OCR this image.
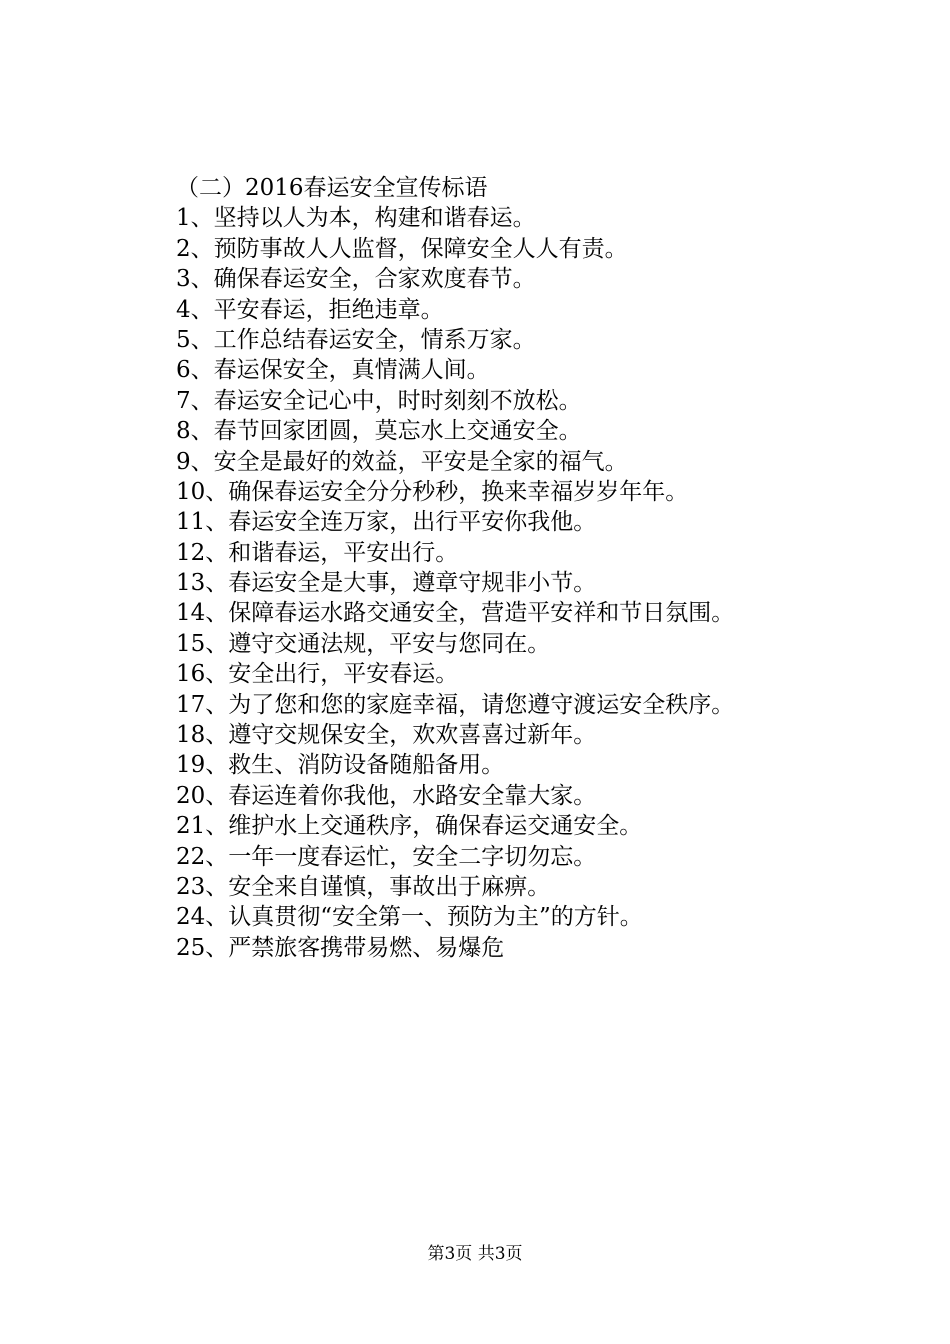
（二）2016春运安全宣传标语
1、坚持以人为本，构建和谐春运。
2、预防事故人人监督，保障安全人人有责。
3、确保春运安全，合家欢度春节。
4、平安春运，拒绝违章。
5、工作总结春运安全，情系万家。
6、春运保安全，真情满人间。
7、春运安全记心中，时时刻刻不放松。
8、春节回家团圆，莫忘水上交通安全。
9、安全是最好的效益，平安是全家的福气。
10、确保春运安全分分秒秒，换来幸福岁岁年年。
11、春运安全连万家，出行平安你我他。
12、和谐春运，平安出行。
13、春运安全是大事，遵章守规非小节。
14、保障春运水路交通安全，营造平安祥和节日氛围。
15、遵守交通法规，平安与您同在。
16、安全出行，平安春运。
17、为了您和您的家庭幸福，请您遵守渡运安全秩序。
18、遵守交规保安全，欢欢喜喜过新年。
19、救生、消防设备随船备用。
20、春运连着你我他，水路安全靠大家。
21、维护水上交通秩序，确保春运交通安全。
22、一年一度春运忙，安全二字切勿忘。
23、安全来自谨慎，事故出于麻痹。
24、认真贯彻“安全第一、预防为主”的方针。
25、严禁旅客携带易燃、易爆危
第3页 共3页
